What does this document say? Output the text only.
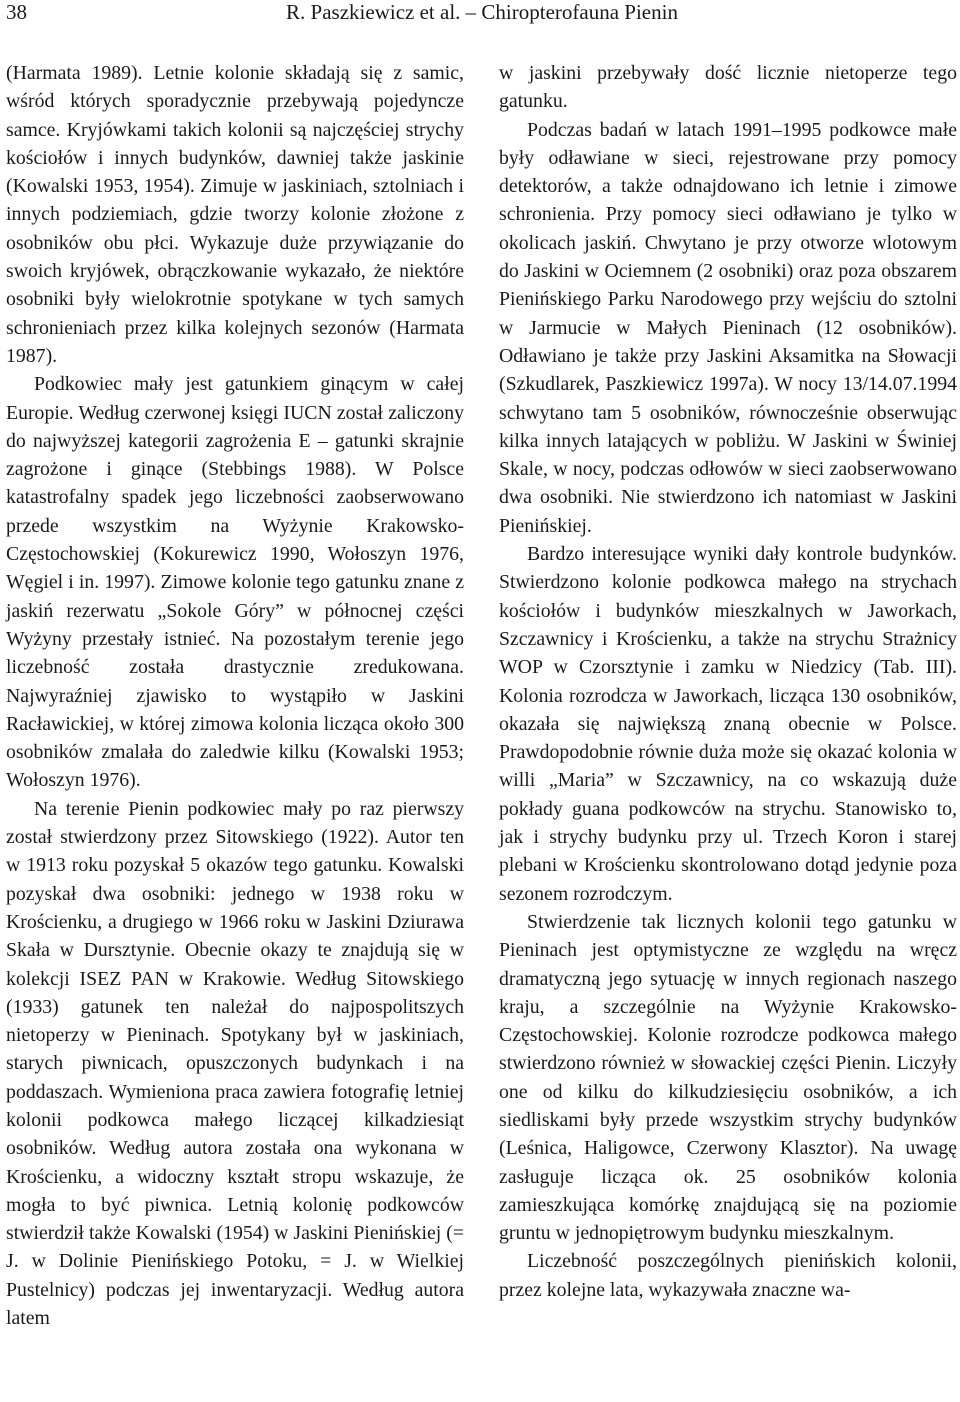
38	R. Paszkiewicz et al. – Chiropterofauna Pienin

(Harmata 1989). Letnie kolonie składają się z samic, wśród których sporadycznie przebywają pojedyncze samce. Kryjówkami takich kolonii są najczęściej strychy kościołów i innych budynków, dawniej także jaskinie (Kowalski 1953, 1954). Zimuje w jaskiniach, sztolniach i innych podziemiach, gdzie tworzy kolonie złożone z osobników obu płci. Wykazuje duże przywiązanie do swoich kryjówek, obrączkowanie wykazało, że niektóre osobniki były wielokrotnie spotykane w tych samych schronieniach przez kilka kolejnych sezonów (Harmata 1987).

Podkowiec mały jest gatunkiem ginącym w całej Europie. Według czerwonej księgi IUCN został zaliczony do najwyższej kategorii zagrożenia E – gatunki skrajnie zagrożone i ginące (Stebbings 1988). W Polsce katastrofalny spadek jego liczebności zaobserwowano przede wszystkim na Wyżynie Krakowsko-Częstochowskiej (Kokurewicz 1990, Wołoszyn 1976, Węgiel i in. 1997). Zimowe kolonie tego gatunku znane z jaskiń rezerwatu „Sokole Góry” w północnej części Wyżyny przestały istnieć. Na pozostałym terenie jego liczebność została drastycznie zredukowana. Najwyraźniej zjawisko to wystąpiło w Jaskini Racławickiej, w której zimowa kolonia licząca około 300 osobników zmalała do zaledwie kilku (Kowalski 1953; Wołoszyn 1976).

Na terenie Pienin podkowiec mały po raz pierwszy został stwierdzony przez Sitowskiego (1922). Autor ten w 1913 roku pozyskał 5 okazów tego gatunku. Kowalski pozyskał dwa osobniki: jednego w 1938 roku w Krościenku, a drugiego w 1966 roku w Jaskini Dziurawa Skała w Dursztynie. Obecnie okazy te znajdują się w kolekcji ISEZ PAN w Krakowie. Według Sitowskiego (1933) gatunek ten należał do najpospolitszych nietoperzy w Pieninach. Spotykany był w jaskiniach, starych piwnicach, opuszczonych budynkach i na poddaszach. Wymieniona praca zawiera fotografię letniej kolonii podkowca małego liczącej kilkadziesiąt osobników. Według autora została ona wykonana w Krościenku, a widoczny kształt stropu wskazuje, że mogła to być piwnica. Letnią kolonię podkowców stwierdził także Kowalski (1954) w Jaskini Pienińskiej (= J. w Dolinie Pienińskiego Potoku, = J. w Wielkiej Pustelnicy) podczas jej inwentaryzacji. Według autora latem

w jaskini przebywały dość licznie nietoperze tego gatunku.

Podczas badań w latach 1991–1995 podkowce małe były odławiane w sieci, rejestrowane przy pomocy detektorów, a także odnajdowano ich letnie i zimowe schronienia. Przy pomocy sieci odławiano je tylko w okolicach jaskiń. Chwytano je przy otworze wlotowym do Jaskini w Ociemnem (2 osobniki) oraz poza obszarem Pienińskiego Parku Narodowego przy wejściu do sztolni w Jarmucie w Małych Pieninach (12 osobników). Odławiano je także przy Jaskini Aksamitka na Słowacji (Szkudlarek, Paszkiewicz 1997a). W nocy 13/14.07.1994 schwytano tam 5 osobników, równocześnie obserwując kilka innych latających w pobliżu. W Jaskini w Świniej Skale, w nocy, podczas odłowów w sieci zaobserwowano dwa osobniki. Nie stwierdzono ich natomiast w Jaskini Pienińskiej.

Bardzo interesujące wyniki dały kontrole budynków. Stwierdzono kolonie podkowca małego na strychach kościołów i budynków mieszkalnych w Jaworkach, Szczawnicy i Krościenku, a także na strychu Strażnicy WOP w Czorsztynie i zamku w Niedzicy (Tab. III). Kolonia rozrodcza w Jaworkach, licząca 130 osobników, okazała się największą znaną obecnie w Polsce. Prawdopodobnie równie duża może się okazać kolonia w willi „Maria” w Szczawnicy, na co wskazują duże pokłady guana podkowców na strychu. Stanowisko to, jak i strychy budynku przy ul. Trzech Koron i starej plebani w Krościenku skontrolowano dotąd jedynie poza sezonem rozrodczym.

Stwierdzenie tak licznych kolonii tego gatunku w Pieninach jest optymistyczne ze względu na wręcz dramatyczną jego sytuację w innych regionach naszego kraju, a szczególnie na Wyżynie Krakowsko-Częstochowskiej. Kolonie rozrodcze podkowca małego stwierdzono również w słowackiej części Pienin. Liczyły one od kilku do kilkudziesięciu osobników, a ich siedliskami były przede wszystkim strychy budynków (Leśnica, Haligowce, Czerwony Klasztor). Na uwagę zasługuje licząca ok. 25 osobników kolonia zamieszkująca komórkę znajdującą się na poziomie gruntu w jednopiętrowym budynku mieszkalnym.

Liczebność poszczególnych pienińskich kolonii, przez kolejne lata, wykazywała znaczne wa-
